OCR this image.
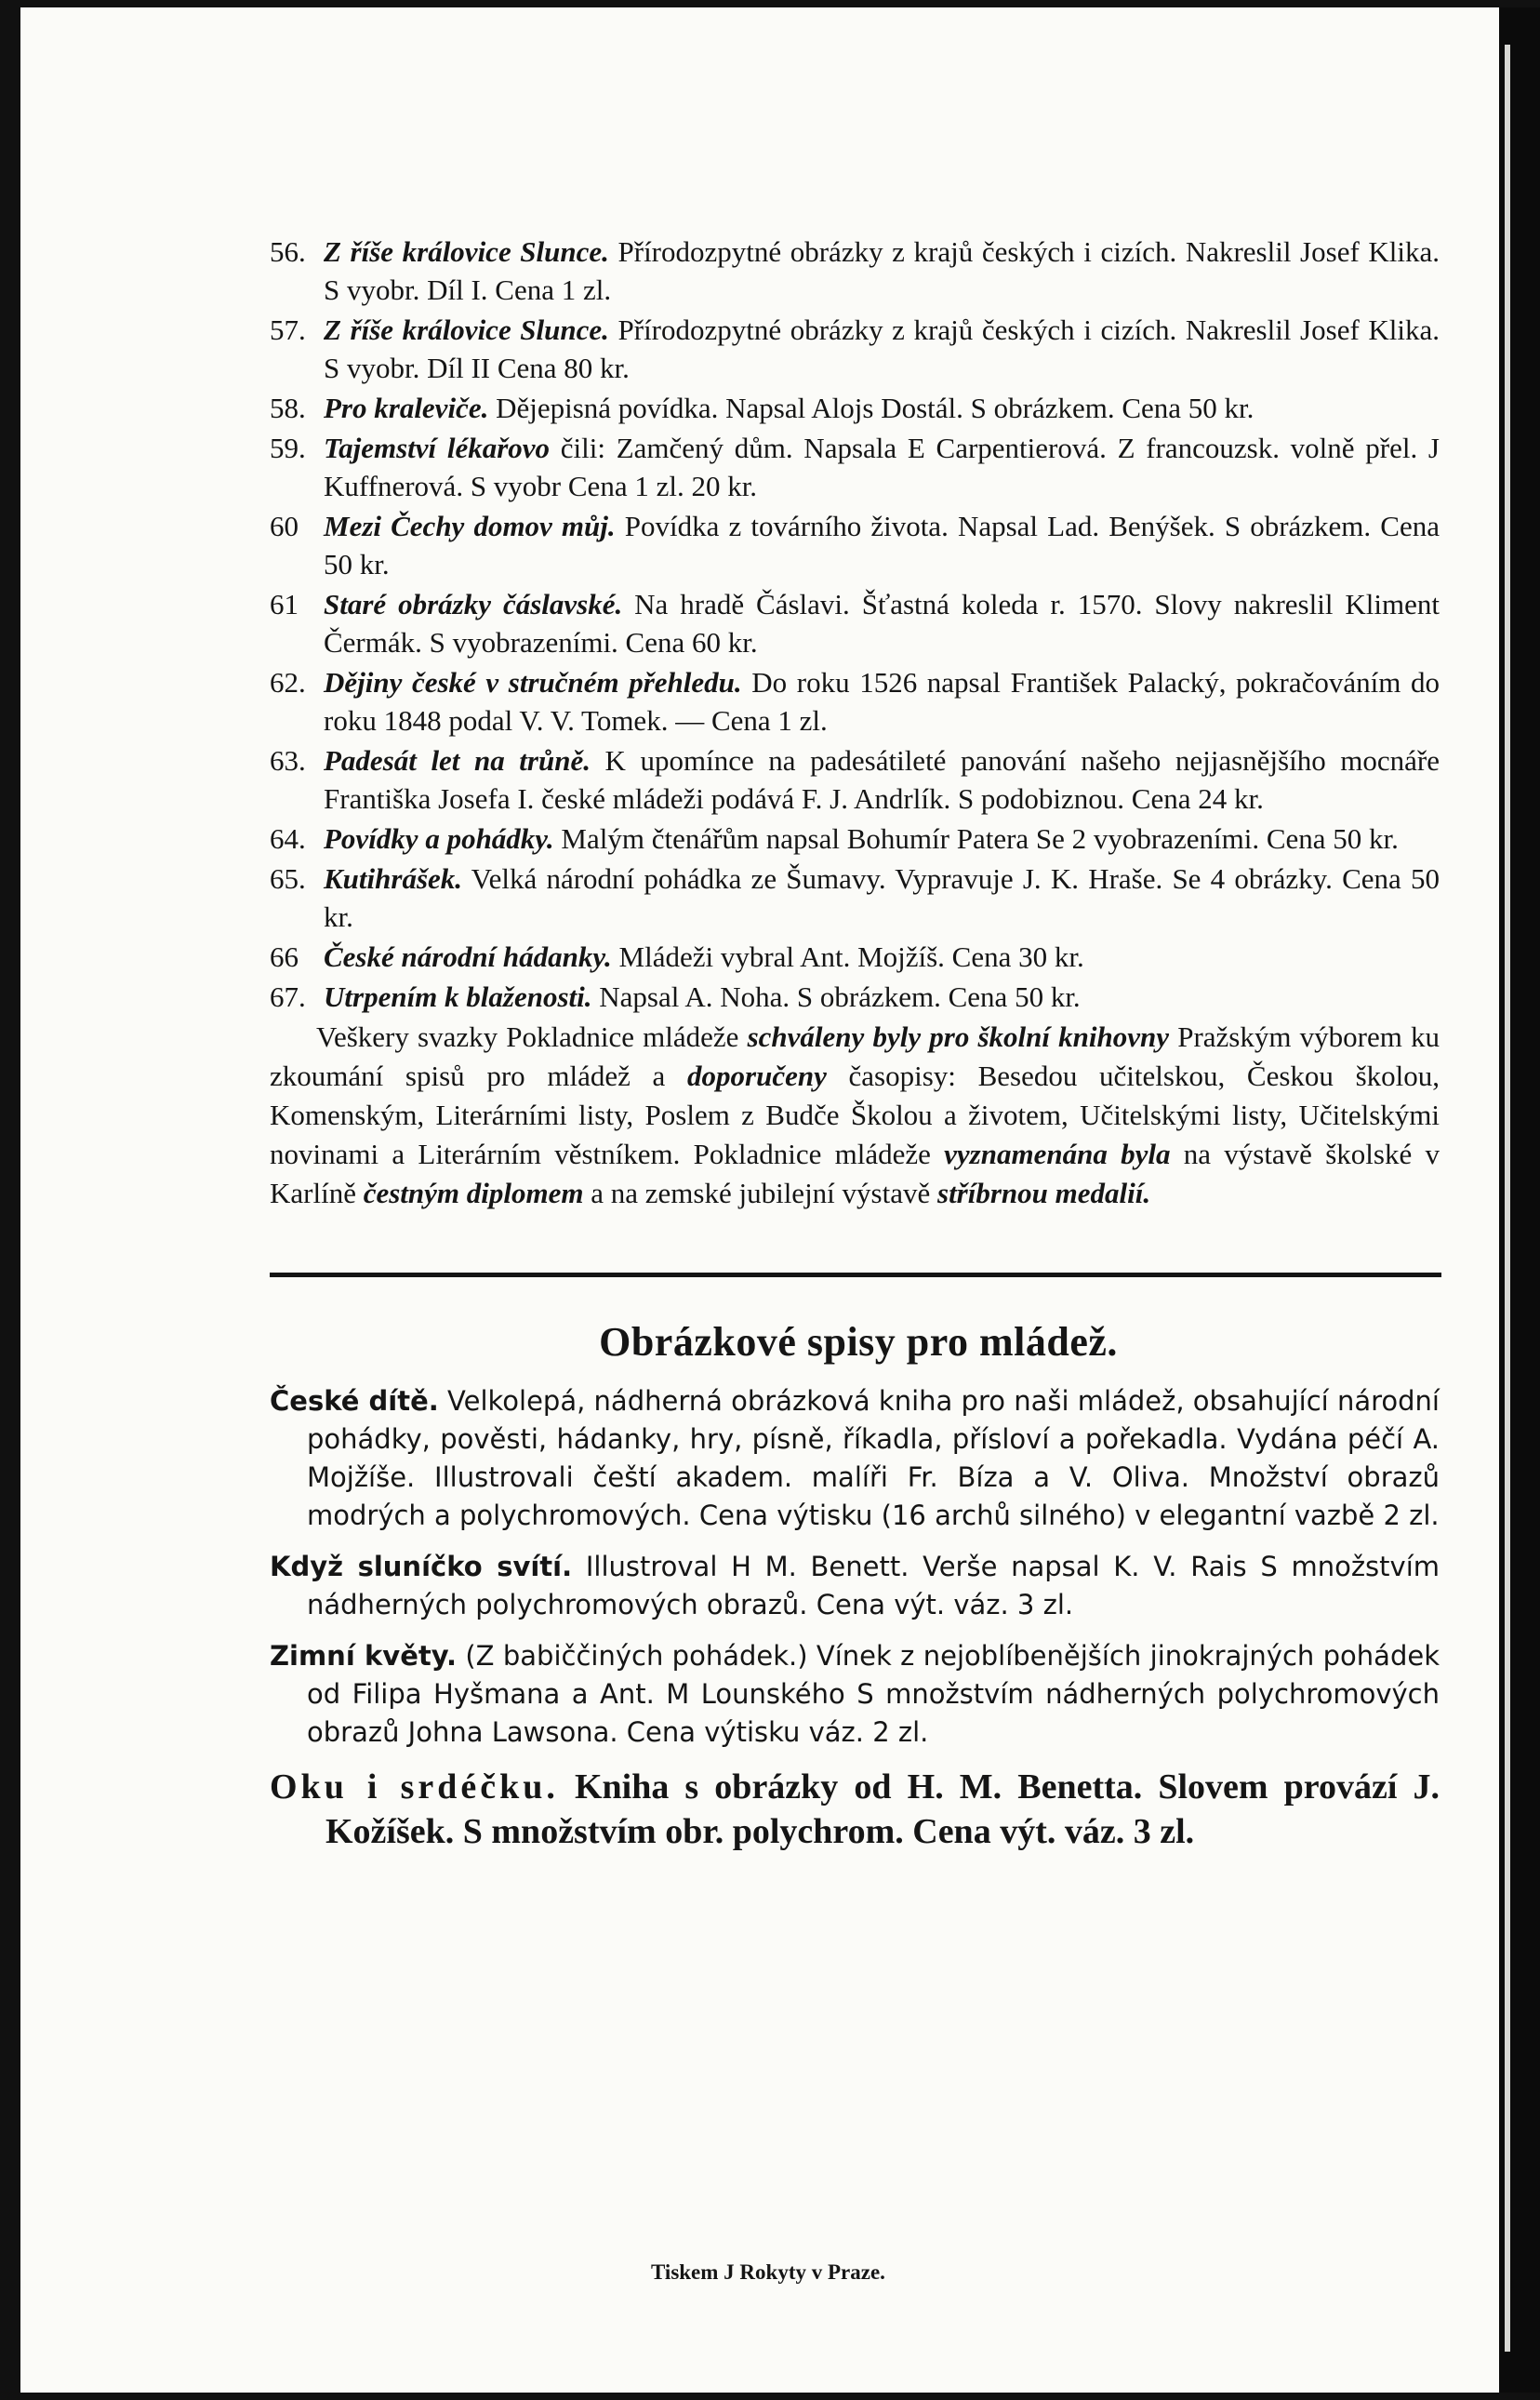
56. Z říše královice Slunce. Přírodozpytné obrázky z krajů českých i cizích. Nakreslil Josef Klika. S vyobr. Díl I. Cena 1 zl.
57. Z říše královice Slunce. Přírodozpytné obrázky z krajů českých i cizích. Nakreslil Josef Klika. S vyobr. Díl II Cena 80 kr.
58. Pro kraleviče. Dějepisná povídka. Napsal Alojs Dostál. S obrázkem. Cena 50 kr.
59. Tajemství lékařovo čili: Zamčený dům. Napsala E Carpentierová. Z francouzsk. volně přel. J Kuffnerová. S vyobr Cena 1 zl. 20 kr.
60 Mezi Čechy domov můj. Povídka z továrního života. Napsal Lad. Benýšek. S obrázkem. Cena 50 kr.
61 Staré obrázky čáslavské. Na hradě Čáslavi. Šťastná koleda r. 1570. Slovy nakreslil Kliment Čermák. S vyobrazeními. Cena 60 kr.
62. Dějiny české v stručném přehledu. Do roku 1526 napsal František Palacký, pokračováním do roku 1848 podal V. V. Tomek. — Cena 1 zl.
63. Padesát let na trůně. K upomínce na padesátileté panování našeho nejjasnějšího mocnáře Františka Josefa I. české mládeži podává F. J. Andrlík. S podobiznou. Cena 24 kr.
64. Povídky a pohádky. Malým čtenářům napsal Bohumír Patera Se 2 vyobrazeními. Cena 50 kr.
65. Kutihrášek. Velká národní pohádka ze Šumavy. Vypravuje J. K. Hraše. Se 4 obrázky. Cena 50 kr.
66 České národní hádanky. Mládeži vybral Ant. Mojžíš. Cena 30 kr.
67. Utrpením k blaženosti. Napsal A. Noha. S obrázkem. Cena 50 kr.

Veškery svazky Pokladnice mládeže schváleny byly pro školní knihovny Pražským výborem ku zkoumání spisů pro mládež a doporučeny časopisy: Besedou učitelskou, Českou školou, Komenským, Literárními listy, Poslem z Budče Školou a životem, Učitelskými listy, Učitelskými novinami a Literárním věstníkem. Pokladnice mládeže vyznamenána byla na výstavě školské v Karlíně čestným diplomem a na zemské jubilejní výstavě stříbrnou medalií.

Obrázkové spisy pro mládež.

České dítě. Velkolepá, nádherná obrázková kniha pro naši mládež, obsahující národní pohádky, pověsti, hádanky, hry, písně, říkadla, přísloví a pořekadla. Vydána péčí A. Mojžíše. Illustrovali čeští akadem. malíři Fr. Bíza a V. Oliva. Množství obrazů modrých a polychromových. Cena výtisku (16 archů silného) v elegantní vazbě 2 zl.

Když sluníčko svítí. Illustroval H M. Benett. Verše napsal K. V. Rais S množstvím nádherných polychromových obrazů. Cena výt. váz. 3 zl.

Zimní květy. (Z babiččiných pohádek.) Vínek z nejoblíbenějších jinokrajných pohádek od Filipa Hyšmana a Ant. M Lounského S množstvím nádherných polychromových obrazů Johna Lawsona. Cena výtisku váz. 2 zl.

Oku i srdéčku. Kniha s obrázky od H. M. Benetta. Slovem provází J. Kožíšek. S množstvím obr. polychrom. Cena výt. váz. 3 zl.

Tiskem J Rokyty v Praze.
